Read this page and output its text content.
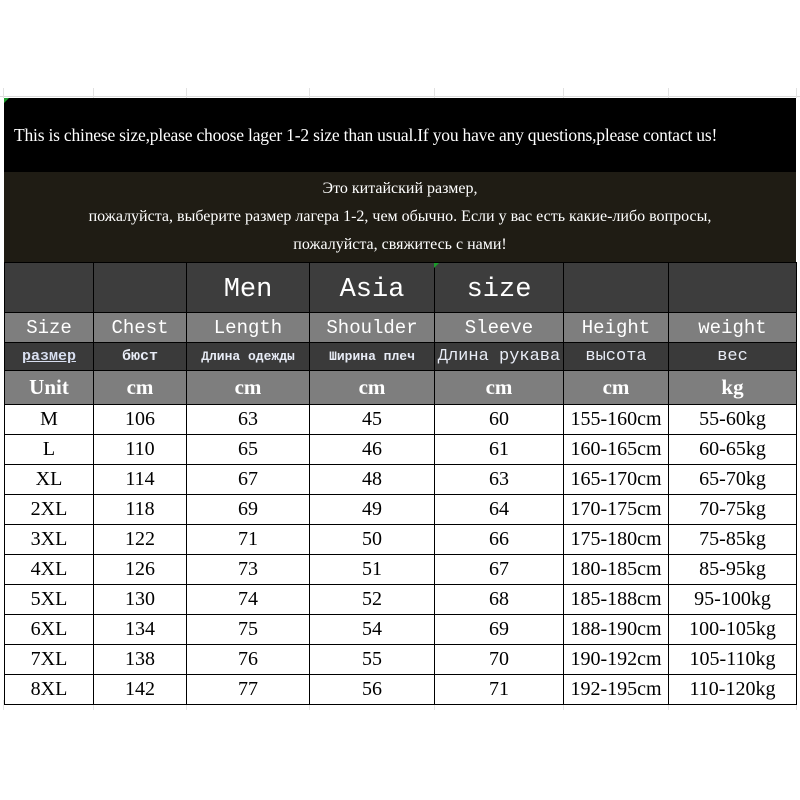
This is chinese size,please choose lager 1-2 size than usual.If you have any questions,please contact us!
Это китайский размер,
пожалуйста, выберите размер лагера 1-2, чем обычно. Если у вас есть какие-либо вопросы,
пожалуйста, свяжитесь с нами!
		Men	Asia	size		
Size	Chest	Length	Shoulder	Sleeve	Height	weight
размер	бюст	Длина одежды	Ширина плеч	Длина рукава	высота	вес
Unit	cm	cm	cm	cm	cm	kg
M	106	63	45	60	155-160cm	55-60kg
L	110	65	46	61	160-165cm	60-65kg
XL	114	67	48	63	165-170cm	65-70kg
2XL	118	69	49	64	170-175cm	70-75kg
3XL	122	71	50	66	175-180cm	75-85kg
4XL	126	73	51	67	180-185cm	85-95kg
5XL	130	74	52	68	185-188cm	95-100kg
6XL	134	75	54	69	188-190cm	100-105kg
7XL	138	76	55	70	190-192cm	105-110kg
8XL	142	77	56	71	192-195cm	110-120kg
